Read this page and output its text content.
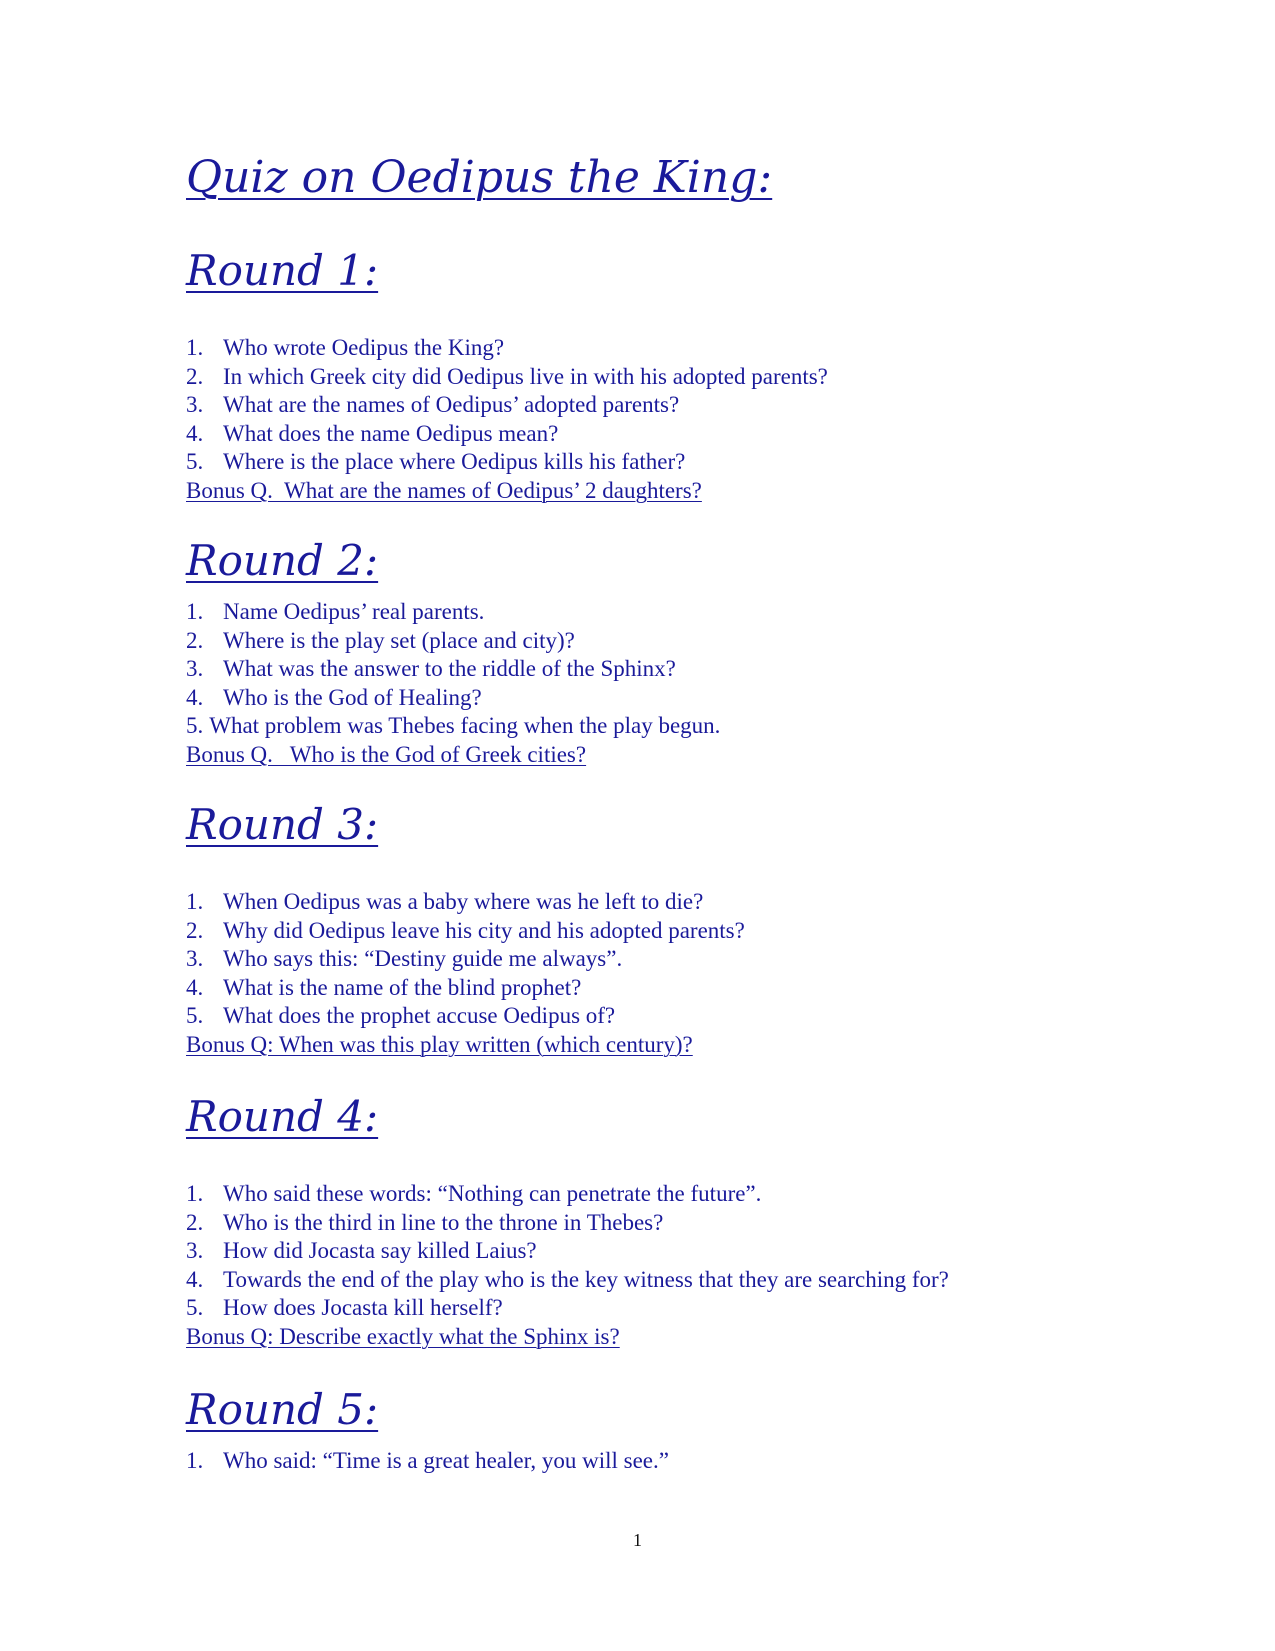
Quiz on Oedipus the King:
Round 1:
1. Who wrote Oedipus the King?
2. In which Greek city did Oedipus live in with his adopted parents?
3. What are the names of Oedipus’ adopted parents?
4. What does the name Oedipus mean?
5. Where is the place where Oedipus kills his father?
Bonus Q.  What are the names of Oedipus’ 2 daughters?
Round 2:
1. Name Oedipus’ real parents.
2. Where is the play set (place and city)?
3. What was the answer to the riddle of the Sphinx?
4. Who is the God of Healing?
5. What problem was Thebes facing when the play begun.
Bonus Q.   Who is the God of Greek cities?
Round 3:
1. When Oedipus was a baby where was he left to die?
2. Why did Oedipus leave his city and his adopted parents?
3. Who says this: “Destiny guide me always”.
4. What is the name of the blind prophet?
5. What does the prophet accuse Oedipus of?
Bonus Q: When was this play written (which century)?
Round 4:
1. Who said these words: “Nothing can penetrate the future”.
2. Who is the third in line to the throne in Thebes?
3. How did Jocasta say killed Laius?
4. Towards the end of the play who is the key witness that they are searching for?
5. How does Jocasta kill herself?
Bonus Q: Describe exactly what the Sphinx is?
Round 5:
1. Who said: “Time is a great healer, you will see.”
1
